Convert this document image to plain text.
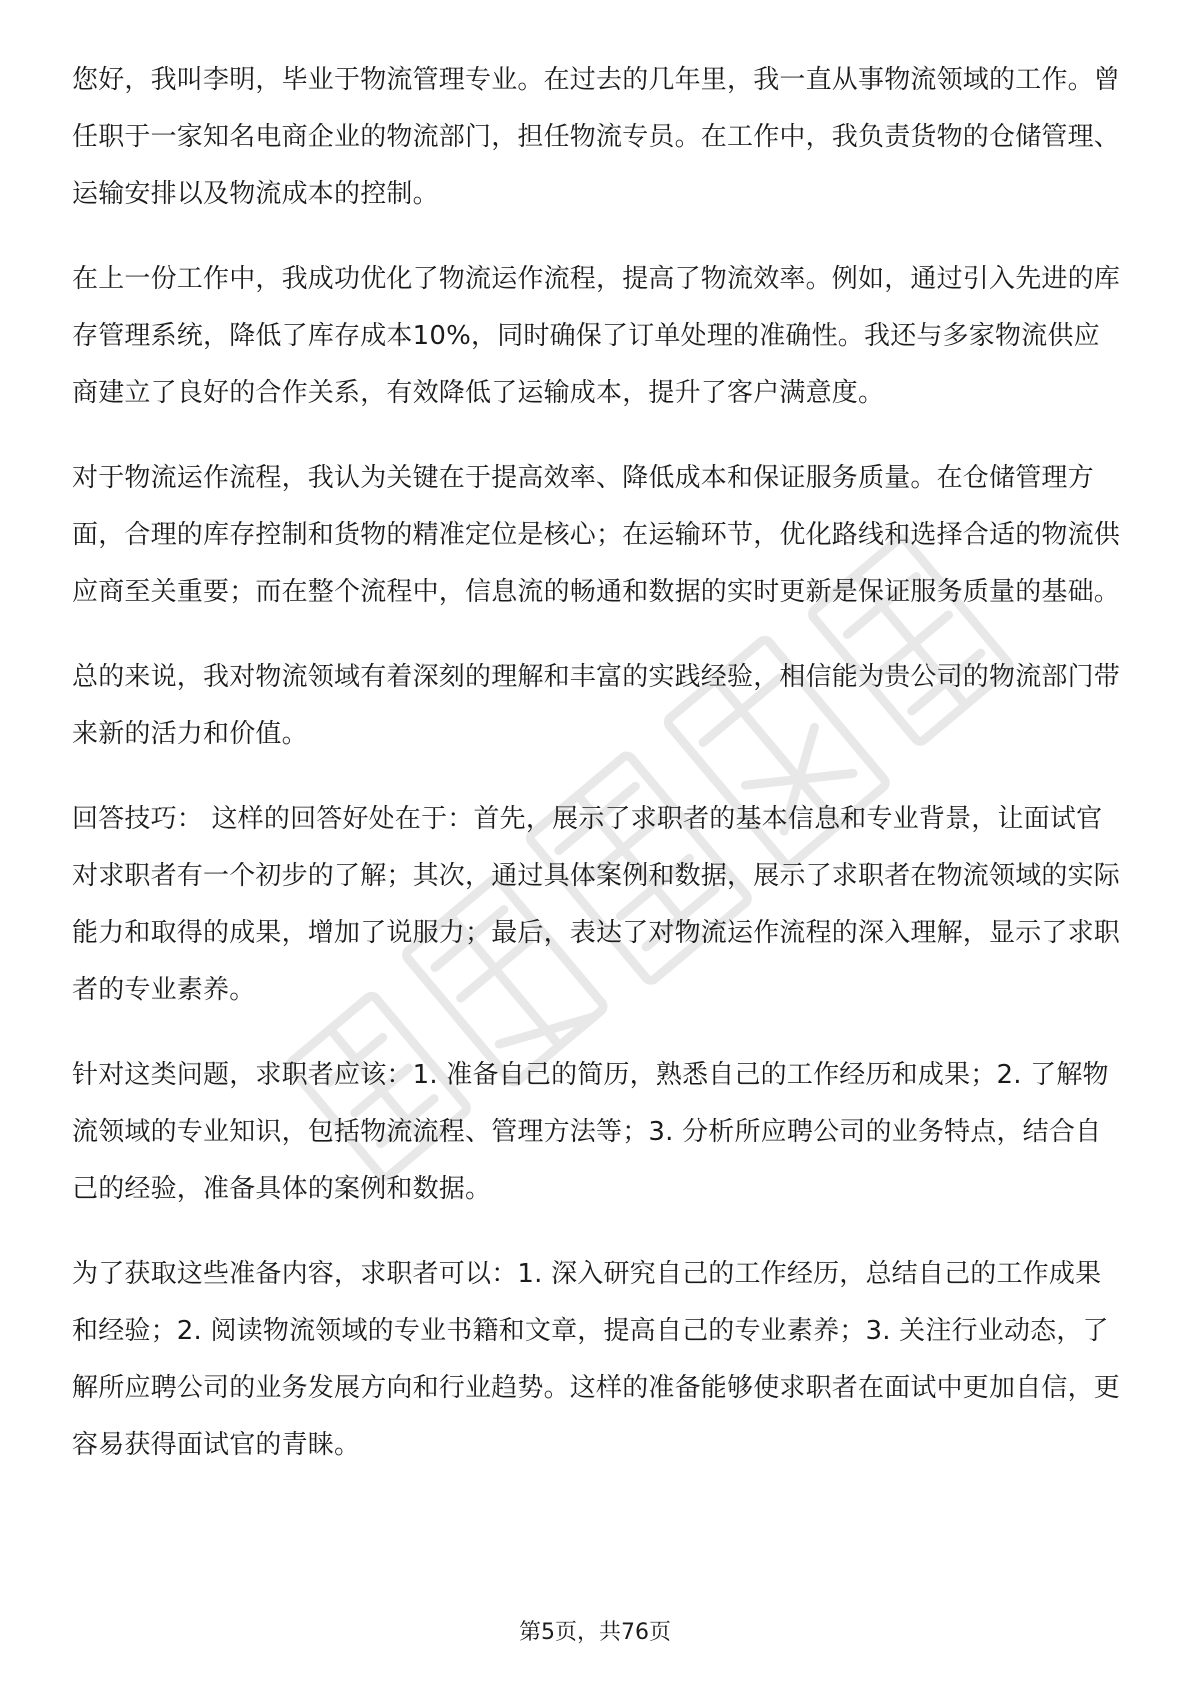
您好，我叫李明，毕业于物流管理专业。在过去的几年里，我一直从事物流领域的工作。曾任职于一家知名电商企业的物流部门，担任物流专员。在工作中，我负责货物的仓储管理、运输安排以及物流成本的控制。

在上一份工作中，我成功优化了物流运作流程，提高了物流效率。例如，通过引入先进的库存管理系统，降低了库存成本10%，同时确保了订单处理的准确性。我还与多家物流供应商建立了良好的合作关系，有效降低了运输成本，提升了客户满意度。

对于物流运作流程，我认为关键在于提高效率、降低成本和保证服务质量。在仓储管理方面，合理的库存控制和货物的精准定位是核心；在运输环节，优化路线和选择合适的物流供应商至关重要；而在整个流程中，信息流的畅通和数据的实时更新是保证服务质量的基础。

总的来说，我对物流领域有着深刻的理解和丰富的实践经验，相信能为贵公司的物流部门带来新的活力和价值。

回答技巧： 这样的回答好处在于：首先，展示了求职者的基本信息和专业背景，让面试官对求职者有一个初步的了解；其次，通过具体案例和数据，展示了求职者在物流领域的实际能力和取得的成果，增加了说服力；最后，表达了对物流运作流程的深入理解，显示了求职者的专业素养。

针对这类问题，求职者应该：1. 准备自己的简历，熟悉自己的工作经历和成果；2. 了解物流领域的专业知识，包括物流流程、管理方法等；3. 分析所应聘公司的业务特点，结合自己的经验，准备具体的案例和数据。

为了获取这些准备内容，求职者可以：1. 深入研究自己的工作经历，总结自己的工作成果和经验；2. 阅读物流领域的专业书籍和文章，提高自己的专业素养；3. 关注行业动态，了解所应聘公司的业务发展方向和行业趋势。这样的准备能够使求职者在面试中更加自信，更容易获得面试官的青睐。

第5页，共76页
